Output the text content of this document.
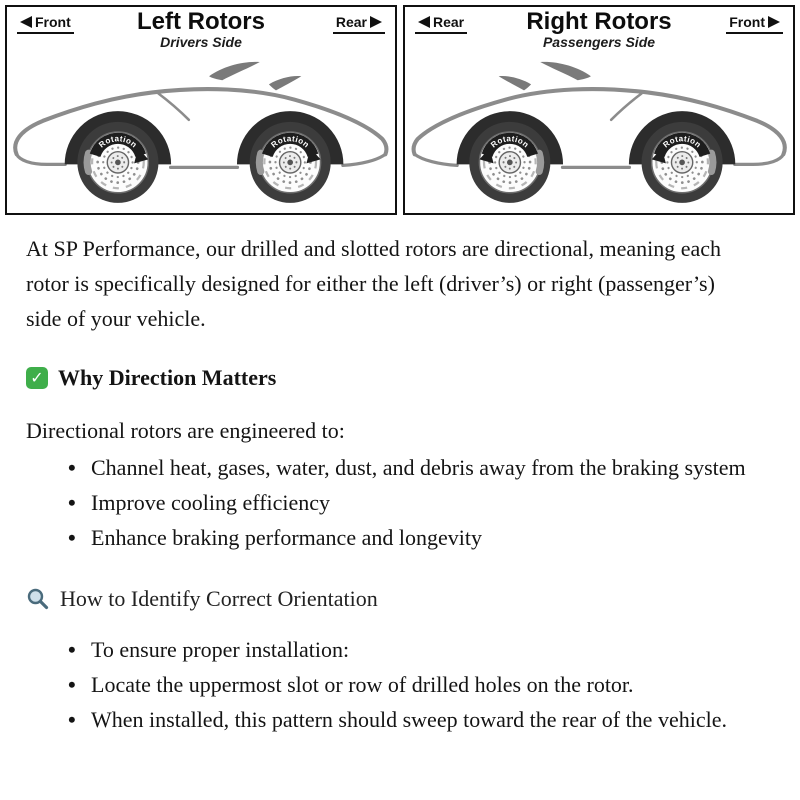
Front	Left Rotors	Rear
Drivers Side
Rotation	Rotation
Rear	Right Rotors	Front
Passengers Side
Rotation
Rotation

At SP Performance, our drilled and slotted rotors are directional, meaning each rotor is specifically designed for either the left (driver’s) or right (passenger’s) side of your vehicle.

✓ Why Direction Matters

Directional rotors are engineered to:

• Channel heat, gases, water, dust, and debris away from the braking system
• Improve cooling efficiency
• Enhance braking performance and longevity
How to Identify Correct Orientation
• To ensure proper installation:
• Locate the uppermost slot or row of drilled holes on the rotor.
• When installed, this pattern should sweep toward the rear of the vehicle.
